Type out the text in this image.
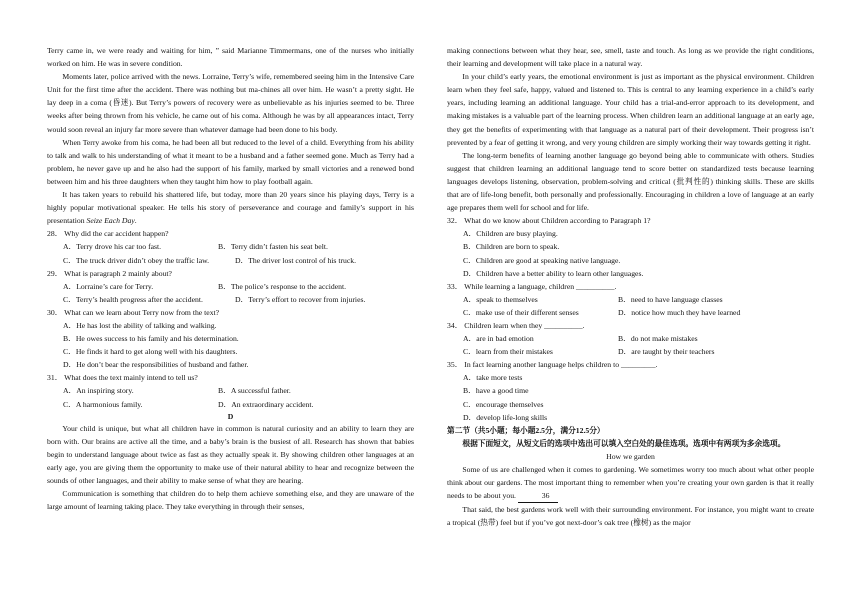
Terry came in, we were ready and waiting for him, ” said Marianne Timmermans, one of the nurses who initially worked on him. He was in severe condition.

Moments later, police arrived with the news. Lorraine, Terry’s wife, remembered seeing him in the Intensive Care Unit for the first time after the accident. There was nothing but ma-chines all over him. He wasn’t a pretty sight. He lay deep in a coma (昏迷). But Terry’s powers of recovery were as unbelievable as his injuries seemed to be. Three weeks after being thrown from his vehicle, he came out of his coma. Although he was by all appearances intact, Terry would soon reveal an injury far more severe than whatever damage had been done to his body.

When Terry awoke from his coma, he had been all but reduced to the level of a child. Everything from his ability to talk and walk to his understanding of what it meant to be a husband and a father seemed gone. Much as Terry had a problem, he never gave up and he also had the support of his family, marked by small victories and a renewed bond between him and his three daughters when they taught him how to play football again.

It has taken years to rebuild his shattered life, but today, more than 20 years since his playing days, Terry is a highly popular motivational speaker. He tells his story of perseverance and courage and family’s support in his presentation Seize Each Day.

28． Why did the car accident happen?

A．Terry drove his car too fast.	B．Terry didn’t fasten his seat belt.
C．The truck driver didn’t obey the traffic law.	D．The driver lost control of his truck.

29． What is paragraph 2 mainly about?

A．Lorraine’s care for Terry.	B．The police’s response to the accident.
C．Terry’s health progress after the accident.	D．Terry’s effort to recover from injuries.

30． What can we learn about Terry now from the text?

A．He has lost the ability of talking and walking.

B．He owes success to his family and his determination.

C．He finds it hard to get along well with his daughters.

D．He don’t bear the responsibilities of husband and father.

31． What does the text mainly intend to tell us?

A．An inspiring story.	B．A successful father.
C．A harmonious family.	D．An extraordinary accident.

D

Your child is unique, but what all children have in common is natural curiosity and an ability to learn they are born with. Our brains are active all the time, and a baby’s brain is the busiest of all. Research has shown that babies begin to understand language about twice as fast as they actually speak it. By showing children other languages at an early age, you are giving them the opportunity to make use of their natural ability to hear and recognize between the sounds of other languages, and their ability to make sense of what they are hearing.

Communication is something that children do to help them achieve something else, and they are unaware of the large amount of learning taking place. They take everything in through their senses,

making connections between what they hear, see, smell, taste and touch. As long as we provide the right conditions, their learning and development will take place in a natural way.

In your child’s early years, the emotional environment is just as important as the physical environment. Children learn when they feel safe, happy, valued and listened to. This is central to any learning experience in a child’s early years, including learning an additional language. Your child has a trial-and-error approach to its development, and making mistakes is a valuable part of the learning process. When children learn an additional language at an early age, they get the benefits of experimenting with that language as a natural part of their development. Their progress isn’t prevented by a fear of getting it wrong, and very young children are simply working their way towards getting it right.

The long-term benefits of learning another language go beyond being able to communicate with others. Studies suggest that children learning an additional language tend to score better on standardized tests because learning languages develops listening, observation, problem-solving and critical (批判性的) thinking skills. These are skills that are of life-long benefit, both personally and professionally. Encouraging in children a love of language at an early age prepares them well for school and for life.

32． What do we know about Children according to Paragraph 1?

A．Children are busy playing.

B．Children are born to speak.

C．Children are good at speaking native language.

D．Children have a better ability to learn other languages.

33． While learning a language, children __________.

A．speak to themselves	B．need to have language classes
C．make use of their different senses	D．notice how much they have learned

34． Children learn when they __________.

A．are in bad emotion	B．do not make mistakes
C．learn from their mistakes	D．are taught by their teachers

35． In fact learning another language helps children to _________.

A．take more tests

B．have a good time

C．encourage themselves

D．develop life-long skills

第二节（共5小题；每小题2.5分，满分12.5分）

根据下面短文，从短文后的选项中选出可以填入空白处的最佳选项。选项中有两项为多余选项。

How we garden

Some of us are challenged when it comes to gardening. We sometimes worry too much about what other people think about our gardens. The most important thing to remember when you’re creating your own garden is that it really needs to be about you.	36

That said, the best gardens work well with their surrounding environment. For instance, you might want to create a tropical (热带) feel but if you’ve got next-door’s oak tree (橡树) as the major
